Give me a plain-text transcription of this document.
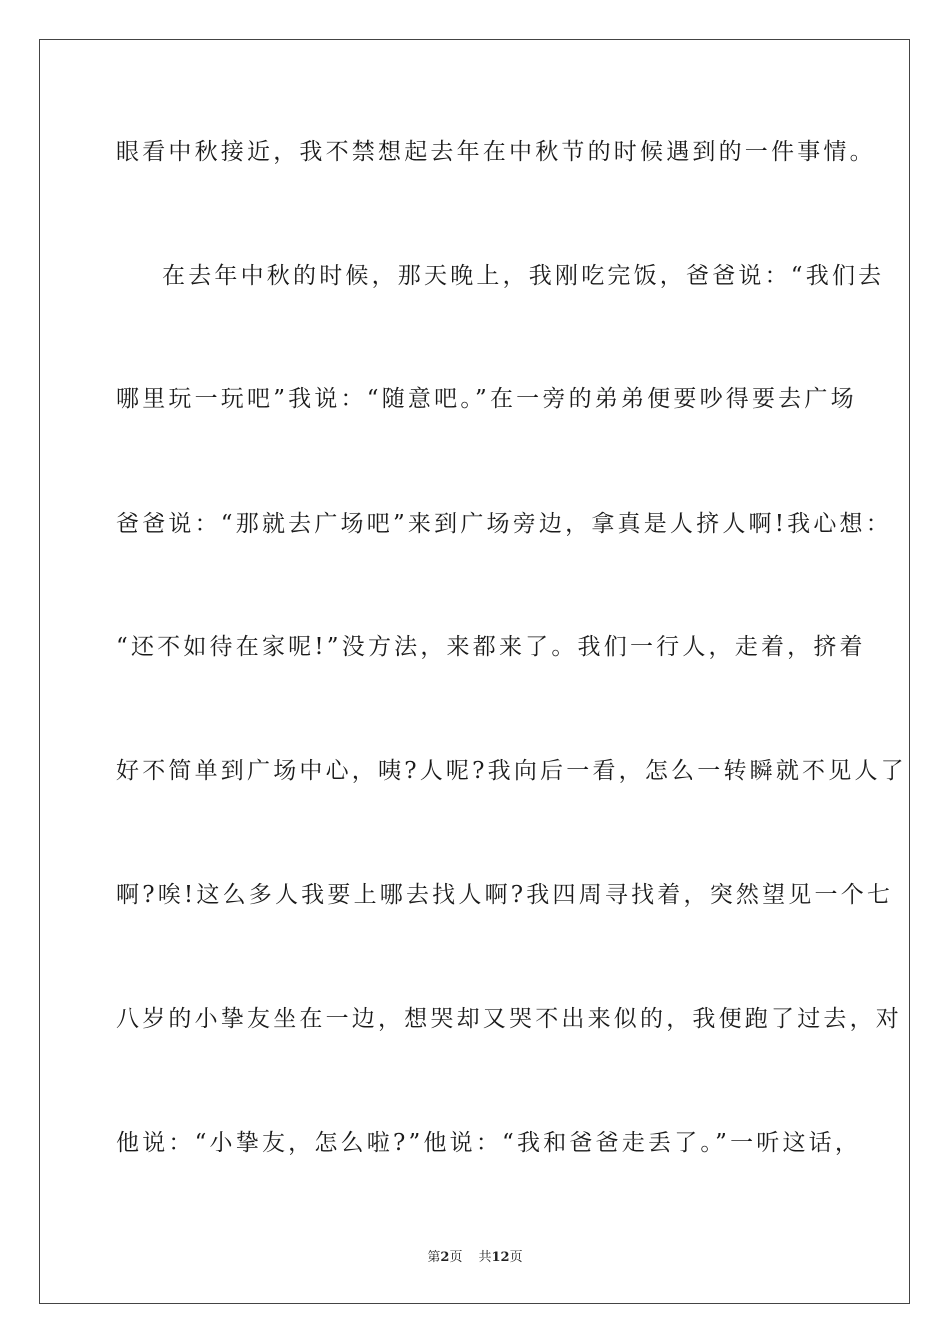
眼看中秋接近，我不禁想起去年在中秋节的时候遇到的一件事情。
在去年中秋的时候，那天晚上，我刚吃完饭，爸爸说：“我们去
哪里玩一玩吧”我说：“随意吧。”在一旁的弟弟便要吵得要去广场
爸爸说：“那就去广场吧”来到广场旁边，拿真是人挤人啊!我心想：
“还不如待在家呢!”没方法，来都来了。我们一行人，走着，挤着
好不简单到广场中心，咦?人呢?我向后一看，怎么一转瞬就不见人了
啊?唉!这么多人我要上哪去找人啊?我四周寻找着，突然望见一个七
八岁的小挚友坐在一边，想哭却又哭不出来似的，我便跑了过去，对
他说：“小挚友，怎么啦?”他说：“我和爸爸走丢了。”一听这话，
第2页 共12页
